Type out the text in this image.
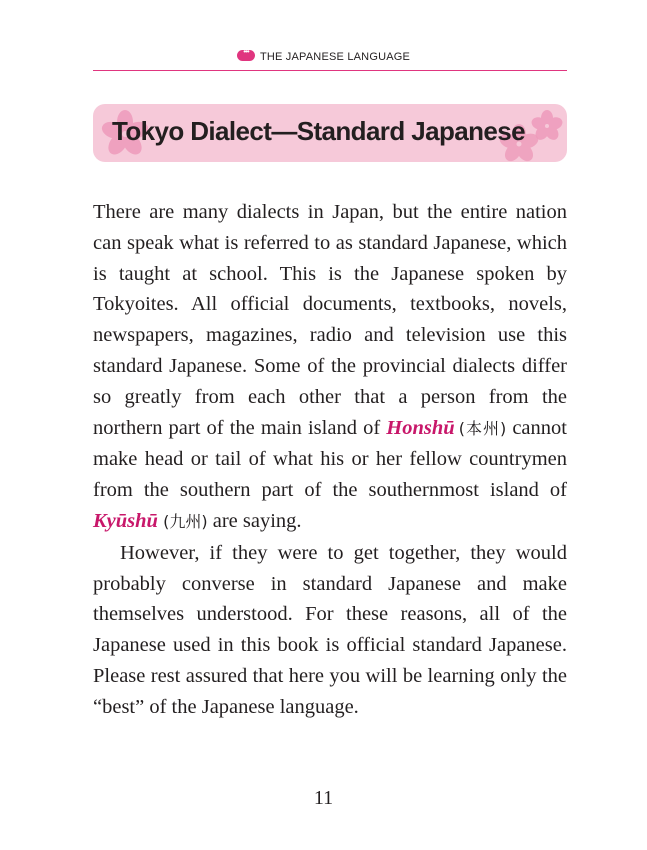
•••THE JAPANESE LANGUAGE
Tokyo Dialect—Standard Japanese

There are many dialects in Japan, but the entire nation can speak what is referred to as standard Japanese, which is taught at school. This is the Japanese spoken by Tokyoites. All official documents, textbooks, novels, newspapers, magazines, radio and television use this standard Japanese. Some of the provincial dialects differ so greatly from each other that a person from the northern part of the main island of Honshū  (本州) cannot make head or tail of what his or her fellow countrymen from the southern part of the southernmost island of Kyūshū (九州) are saying.

However, if they were to get together, they would probably converse in standard Japanese and make themselves understood. For these reasons, all of the Japanese used in this book is official standard Japanese. Please rest assured that here you will be learning only the “best” of the Japanese language.

11
